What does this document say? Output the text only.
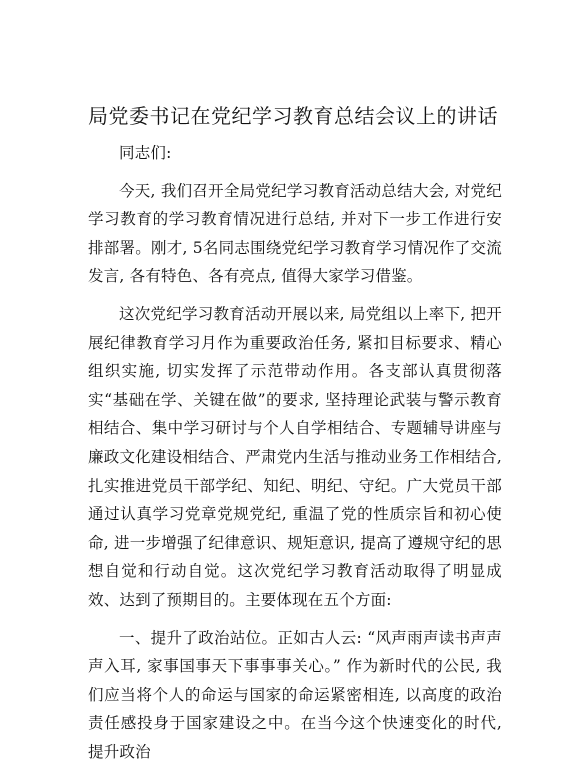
局党委书记在党纪学习教育总结会议上的讲话

同志们:

今天, 我们召开全局党纪学习教育活动总结大会, 对党纪学习教育的学习教育情况进行总结, 并对下一步工作进行安排部署。刚才, 5名同志围绕党纪学习教育学习情况作了交流发言, 各有特色、各有亮点, 值得大家学习借鉴。

这次党纪学习教育活动开展以来, 局党组以上率下, 把开展纪律教育学习月作为重要政治任务, 紧扣目标要求、精心组织实施, 切实发挥了示范带动作用。各支部认真贯彻落实“基础在学、关键在做”的要求, 坚持理论武装与警示教育相结合、集中学习研讨与个人自学相结合、专题辅导讲座与廉政文化建设相结合、严肃党内生活与推动业务工作相结合, 扎实推进党员干部学纪、知纪、明纪、守纪。广大党员干部通过认真学习党章党规党纪, 重温了党的性质宗旨和初心使命, 进一步增强了纪律意识、规矩意识, 提高了遵规守纪的思想自觉和行动自觉。这次党纪学习教育活动取得了明显成效、达到了预期目的。主要体现在五个方面:

一、提升了政治站位。正如古人云: “风声雨声读书声声声入耳, 家事国事天下事事事关心。” 作为新时代的公民, 我们应当将个人的命运与国家的命运紧密相连, 以高度的政治责任感投身于国家建设之中。在当今这个快速变化的时代, 提升政治
